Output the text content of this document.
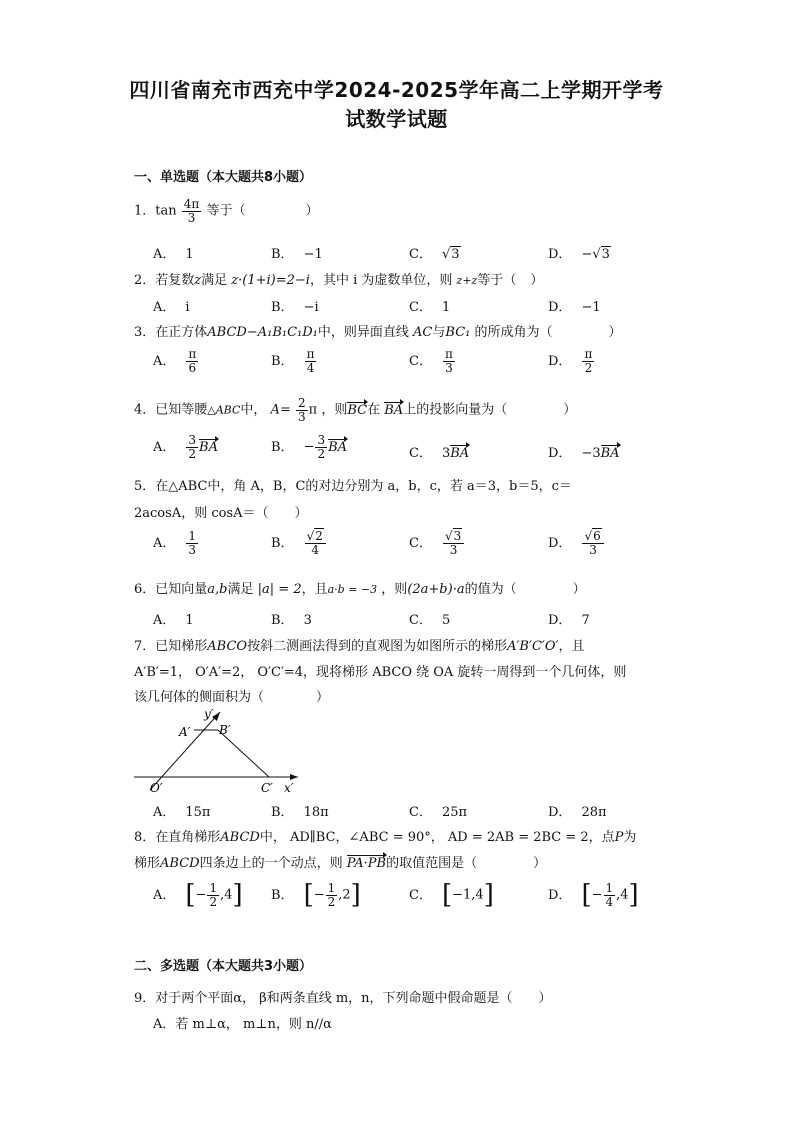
四川省南充市西充中学2024-2025学年高二上学期开学考
试数学试题
一、单选题（本大题共8小题）
1．$\tan \frac{4\pi}{3}$ 等于（	）
A． 1	B． −1	C． √3	D． −√3
2．若复数z满足 z·(1+i)=2−i，其中 i 为虚数单位，则 z+z等于（ ）
A． i	B． −i	C． 1	D． −1
3．在正方体ABCD−A₁B₁C₁D₁中，则异面直线 AC与BC₁ 的所成角为（	）
A． $\frac{\pi}{6}$	B． $\frac{\pi}{4}$	C． $\frac{\pi}{3}$	D． $\frac{\pi}{2}$
4．已知等腰△ABC中， $A= \frac{2}{3}$ π ，则BC在 BA上的投影向量为（	）
A． $\frac{3}{2}$ BA	B． − $\frac{3}{2}$ BA	C． 3BA	D． −3BA
5．在△ABC中，角 A，B，C的对边分别为 a，b，c，若 a＝3，b＝5，c＝
2acosA，则 cosA＝（　　）
A． $\frac{1}{3}$	B． $\frac{√2}{4}$	C． $\frac{√3}{3}$	D． $\frac{√6}{3}$
6．已知向量a,b满足 |a| = 2，且a·b = −3 ，则(2a+b)·a的值为（	）
A． 1	B． 3	C． 5	D． 7
7．已知梯形ABCO按斜二测画法得到的直观图为如图所示的梯形A′B′C′O′，且
A′B′=1， O′A′=2， O′C′=4，现将梯形 ABCO 绕 OA 旋转一周得到一个几何体，则
该几何体的侧面积为（　　　　）
y′
A′ B′
O′	C′ x′
A． 15π	B． 18π	C． 25π	D． 28π
8．在直角梯形ABCD中， AD∥BC，∠ABC = 90°， AD = 2AB = 2BC = 2，点P为
梯形ABCD四条边上的一个动点，则 PA·PB的取值范围是（	）
A． [− $\frac{1}{2} ,4$] B． [− $\frac{1}{2} ,2$]	C． [−1,4]	D． [− $\frac{1}{4} ,4$]
二、多选题（本大题共3小题）
9．对于两个平面α， β和两条直线 m，n，下列命题中假命题是（　　）
A．若 m⊥α， m⊥n，则 n//α
